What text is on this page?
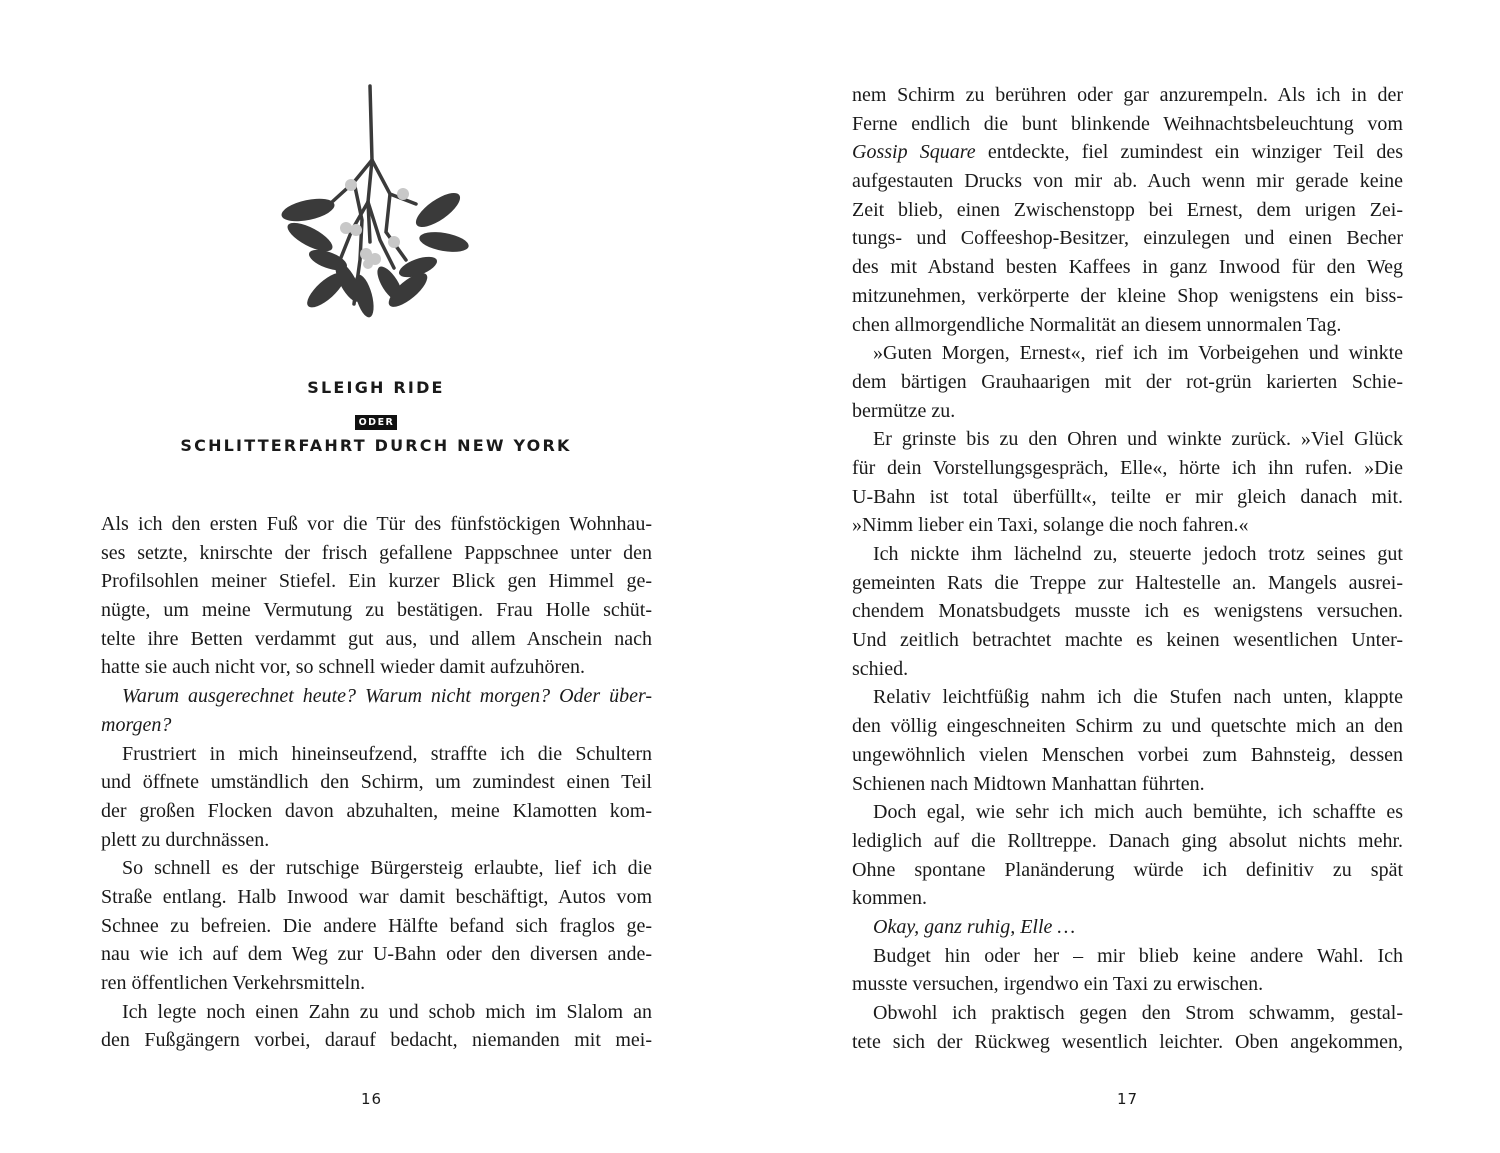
SLEIGH RIDE
ODER
SCHLITTERFAHRT DURCH NEW YORK
Als ich den ersten Fuß vor die Tür des fünfstöckigen Wohnhau-
ses setzte, knirschte der frisch gefallene Pappschnee unter den
Profilsohlen meiner Stiefel. Ein kurzer Blick gen Himmel ge-
nügte, um meine Vermutung zu bestätigen. Frau Holle schüt-
telte ihre Betten verdammt gut aus, und allem Anschein nach
hatte sie auch nicht vor, so schnell wieder damit aufzuhören.
Warum ausgerechnet heute? Warum nicht morgen? Oder über-
morgen?
Frustriert in mich hineinseufzend, straffte ich die Schultern
und öffnete umständlich den Schirm, um zumindest einen Teil
der großen Flocken davon abzuhalten, meine Klamotten kom-
plett zu durchnässen.
So schnell es der rutschige Bürgersteig erlaubte, lief ich die
Straße entlang. Halb Inwood war damit beschäftigt, Autos vom
Schnee zu befreien. Die andere Hälfte befand sich fraglos ge-
nau wie ich auf dem Weg zur U-Bahn oder den diversen ande-
ren öffentlichen Verkehrsmitteln.
Ich legte noch einen Zahn zu und schob mich im Slalom an
den Fußgängern vorbei, darauf bedacht, niemanden mit mei-
16
nem Schirm zu berühren oder gar anzurempeln. Als ich in der
Ferne endlich die bunt blinkende Weihnachtsbeleuchtung vom
Gossip Square entdeckte, fiel zumindest ein winziger Teil des
aufgestauten Drucks von mir ab. Auch wenn mir gerade keine
Zeit blieb, einen Zwischenstopp bei Ernest, dem urigen Zei-
tungs- und Coffeeshop-Besitzer, einzulegen und einen Becher
des mit Abstand besten Kaffees in ganz Inwood für den Weg
mitzunehmen, verkörperte der kleine Shop wenigstens ein biss-
chen allmorgendliche Normalität an diesem unnormalen Tag.
»Guten Morgen, Ernest«, rief ich im Vorbeigehen und winkte
dem bärtigen Grauhaarigen mit der rot-grün karierten Schie-
bermütze zu.
Er grinste bis zu den Ohren und winkte zurück. »Viel Glück
für dein Vorstellungsgespräch, Elle«, hörte ich ihn rufen. »Die
U-Bahn ist total überfüllt«, teilte er mir gleich danach mit.
»Nimm lieber ein Taxi, solange die noch fahren.«
Ich nickte ihm lächelnd zu, steuerte jedoch trotz seines gut
gemeinten Rats die Treppe zur Haltestelle an. Mangels ausrei-
chendem Monatsbudgets musste ich es wenigstens versuchen.
Und zeitlich betrachtet machte es keinen wesentlichen Unter-
schied.
Relativ leichtfüßig nahm ich die Stufen nach unten, klappte
den völlig eingeschneiten Schirm zu und quetschte mich an den
ungewöhnlich vielen Menschen vorbei zum Bahnsteig, dessen
Schienen nach Midtown Manhattan führten.
Doch egal, wie sehr ich mich auch bemühte, ich schaffte es
lediglich auf die Rolltreppe. Danach ging absolut nichts mehr.
Ohne spontane Planänderung würde ich definitiv zu spät
kommen.
Okay, ganz ruhig, Elle …
Budget hin oder her – mir blieb keine andere Wahl. Ich
musste versuchen, irgendwo ein Taxi zu erwischen.
Obwohl ich praktisch gegen den Strom schwamm, gestal-
tete sich der Rückweg wesentlich leichter. Oben angekommen,
17
